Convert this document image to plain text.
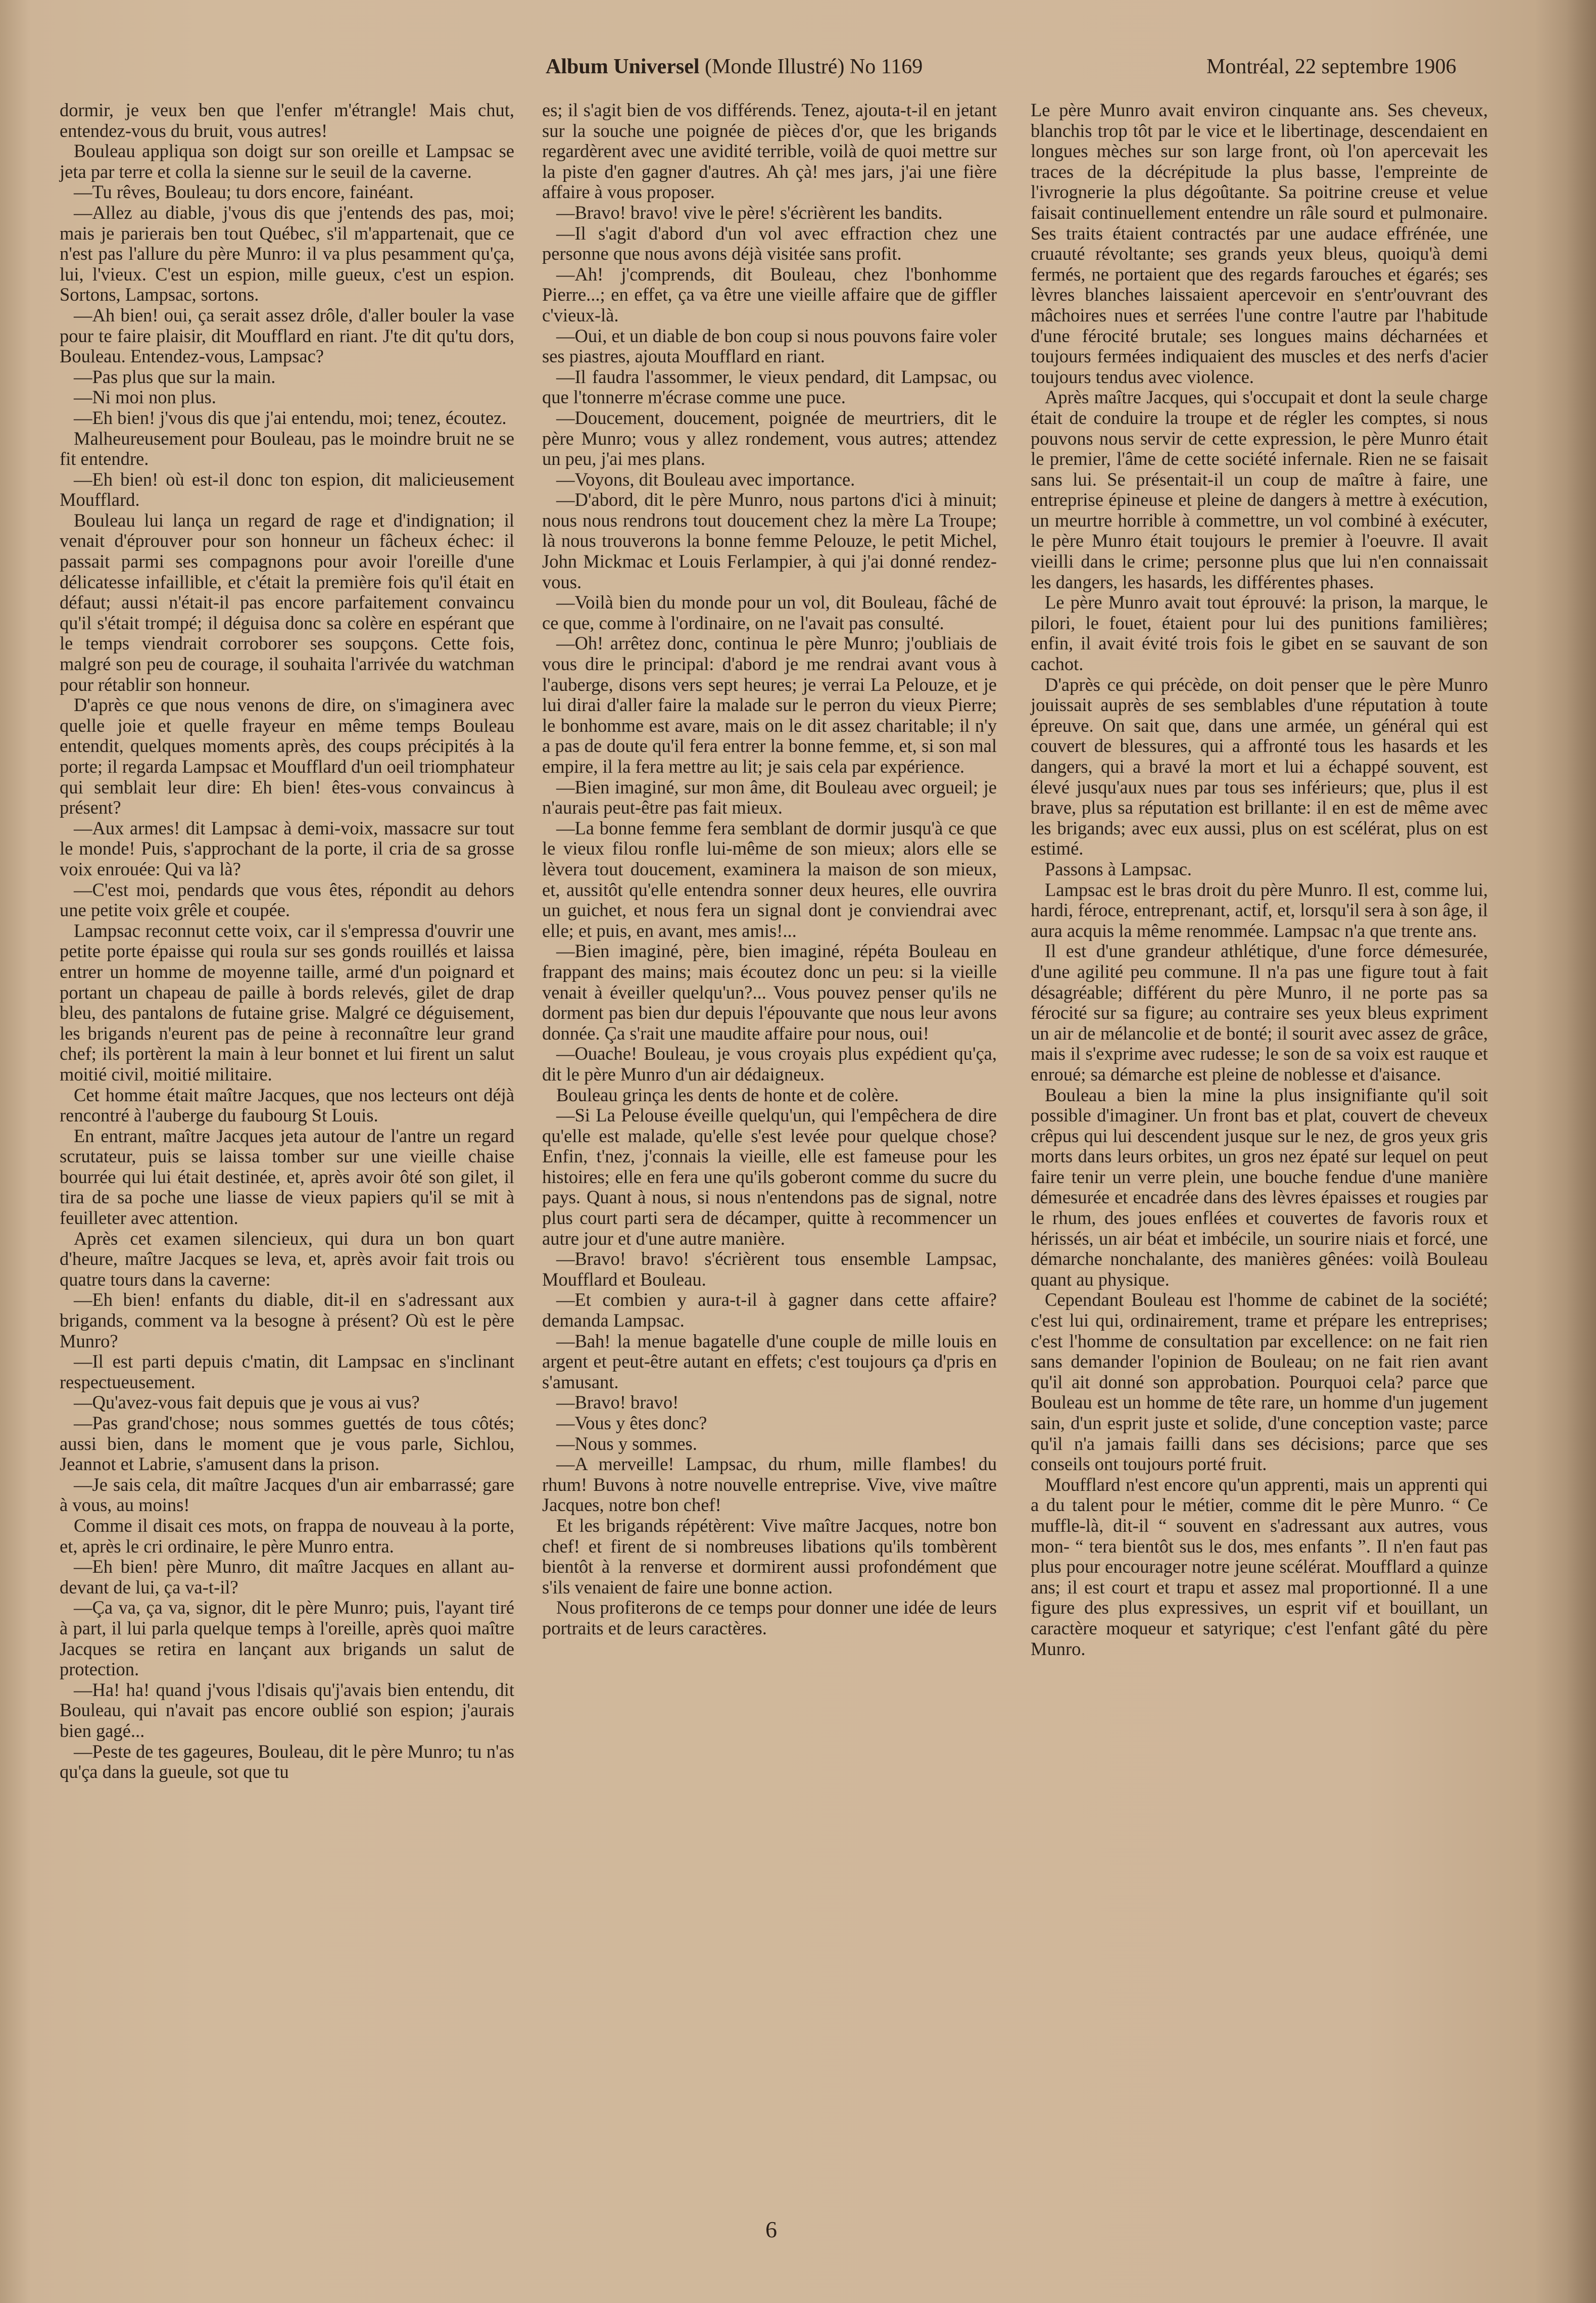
Album Universel (Monde Illustré) No 1169	Montréal, 22 septembre 1906

dormir, je veux ben que l'enfer m'étrangle! Mais chut, entendez-vous du bruit, vous autres!

Bouleau appliqua son doigt sur son oreille et Lampsac se jeta par terre et colla la sienne sur le seuil de la caverne.

—Tu rêves, Bouleau; tu dors encore, fainéant.

—Allez au diable, j'vous dis que j'entends des pas, moi; mais je parierais ben tout Québec, s'il m'appartenait, que ce n'est pas l'allure du père Munro: il va plus pesamment qu'ça, lui, l'vieux. C'est un espion, mille gueux, c'est un espion. Sortons, Lampsac, sortons.

—Ah bien! oui, ça serait assez drôle, d'aller bouler la vase pour te faire plaisir, dit Moufflard en riant. J'te dit qu'tu dors, Bouleau. Entendez-vous, Lampsac?

—Pas plus que sur la main.

—Ni moi non plus.

—Eh bien! j'vous dis que j'ai entendu, moi; tenez, écoutez.

Malheureusement pour Bouleau, pas le moindre bruit ne se fit entendre.

—Eh bien! où est-il donc ton espion, dit malicieusement Moufflard.

Bouleau lui lança un regard de rage et d'indignation; il venait d'éprouver pour son honneur un fâcheux échec: il passait parmi ses compagnons pour avoir l'oreille d'une délicatesse infaillible, et c'était la première fois qu'il était en défaut; aussi n'était-il pas encore parfaitement convaincu qu'il s'était trompé; il déguisa donc sa colère en espérant que le temps viendrait corroborer ses soupçons. Cette fois, malgré son peu de courage, il souhaita l'arrivée du watchman pour rétablir son honneur.

D'après ce que nous venons de dire, on s'imaginera avec quelle joie et quelle frayeur en même temps Bouleau entendit, quelques moments après, des coups précipités à la porte; il regarda Lampsac et Moufflard d'un oeil triomphateur qui semblait leur dire: Eh bien! êtes-vous convaincus à présent?

—Aux armes! dit Lampsac à demi-voix, massacre sur tout le monde! Puis, s'approchant de la porte, il cria de sa grosse voix enrouée: Qui va là?

—C'est moi, pendards que vous êtes, répondit au dehors une petite voix grêle et coupée.

Lampsac reconnut cette voix, car il s'empressa d'ouvrir une petite porte épaisse qui roula sur ses gonds rouillés et laissa entrer un homme de moyenne taille, armé d'un poignard et portant un chapeau de paille à bords relevés, gilet de drap bleu, des pantalons de futaine grise. Malgré ce déguisement, les brigands n'eurent pas de peine à reconnaître leur grand chef; ils portèrent la main à leur bonnet et lui firent un salut moitié civil, moitié militaire.

Cet homme était maître Jacques, que nos lecteurs ont déjà rencontré à l'auberge du faubourg St Louis.

En entrant, maître Jacques jeta autour de l'antre un regard scrutateur, puis se laissa tomber sur une vieille chaise bourrée qui lui était destinée, et, après avoir ôté son gilet, il tira de sa poche une liasse de vieux papiers qu'il se mit à feuilleter avec attention.

Après cet examen silencieux, qui dura un bon quart d'heure, maître Jacques se leva, et, après avoir fait trois ou quatre tours dans la caverne:

—Eh bien! enfants du diable, dit-il en s'adressant aux brigands, comment va la besogne à présent? Où est le père Munro?

—Il est parti depuis c'matin, dit Lampsac en s'inclinant respectueusement.

—Qu'avez-vous fait depuis que je vous ai vus?

—Pas grand'chose; nous sommes guettés de tous côtés; aussi bien, dans le moment que je vous parle, Sichlou, Jeannot et Labrie, s'amusent dans la prison.

—Je sais cela, dit maître Jacques d'un air embarrassé; gare à vous, au moins!

Comme il disait ces mots, on frappa de nouveau à la porte, et, après le cri ordinaire, le père Munro entra.

—Eh bien! père Munro, dit maître Jacques en allant au-devant de lui, ça va-t-il?

—Ça va, ça va, signor, dit le père Munro; puis, l'ayant tiré à part, il lui parla quelque temps à l'oreille, après quoi maître Jacques se retira en lançant aux brigands un salut de protection.

—Ha! ha! quand j'vous l'disais qu'j'avais bien entendu, dit Bouleau, qui n'avait pas encore oublié son espion; j'aurais bien gagé...

—Peste de tes gageures, Bouleau, dit le père Munro; tu n'as qu'ça dans la gueule, sot que tu

es; il s'agit bien de vos différends. Tenez, ajouta-t-il en jetant sur la souche une poignée de pièces d'or, que les brigands regardèrent avec une avidité terrible, voilà de quoi mettre sur la piste d'en gagner d'autres. Ah çà! mes jars, j'ai une fière affaire à vous proposer.

—Bravo! bravo! vive le père! s'écrièrent les bandits.

—Il s'agit d'abord d'un vol avec effraction chez une personne que nous avons déjà visitée sans profit.

—Ah! j'comprends, dit Bouleau, chez l'bonhomme Pierre...; en effet, ça va être une vieille affaire que de giffler c'vieux-là.

—Oui, et un diable de bon coup si nous pouvons faire voler ses piastres, ajouta Moufflard en riant.

—Il faudra l'assommer, le vieux pendard, dit Lampsac, ou que l'tonnerre m'écrase comme une puce.

—Doucement, doucement, poignée de meurtriers, dit le père Munro; vous y allez rondement, vous autres; attendez un peu, j'ai mes plans.

—Voyons, dit Bouleau avec importance.

—D'abord, dit le père Munro, nous partons d'ici à minuit; nous nous rendrons tout doucement chez la mère La Troupe; là nous trouverons la bonne femme Pelouze, le petit Michel, John Mickmac et Louis Ferlampier, à qui j'ai donné rendez-vous.

—Voilà bien du monde pour un vol, dit Bouleau, fâché de ce que, comme à l'ordinaire, on ne l'avait pas consulté.

—Oh! arrêtez donc, continua le père Munro; j'oubliais de vous dire le principal: d'abord je me rendrai avant vous à l'auberge, disons vers sept heures; je verrai La Pelouze, et je lui dirai d'aller faire la malade sur le perron du vieux Pierre; le bonhomme est avare, mais on le dit assez charitable; il n'y a pas de doute qu'il fera entrer la bonne femme, et, si son mal empire, il la fera mettre au lit; je sais cela par expérience.

—Bien imaginé, sur mon âme, dit Bouleau avec orgueil; je n'aurais peut-être pas fait mieux.

—La bonne femme fera semblant de dormir jusqu'à ce que le vieux filou ronfle lui-même de son mieux; alors elle se lèvera tout doucement, examinera la maison de son mieux, et, aussitôt qu'elle entendra sonner deux heures, elle ouvrira un guichet, et nous fera un signal dont je conviendrai avec elle; et puis, en avant, mes amis!...

—Bien imaginé, père, bien imaginé, répéta Bouleau en frappant des mains; mais écoutez donc un peu: si la vieille venait à éveiller quelqu'un?... Vous pouvez penser qu'ils ne dorment pas bien dur depuis l'épouvante que nous leur avons donnée. Ça s'rait une maudite affaire pour nous, oui!

—Ouache! Bouleau, je vous croyais plus expédient qu'ça, dit le père Munro d'un air dédaigneux.

Bouleau grinça les dents de honte et de colère.

—Si La Pelouse éveille quelqu'un, qui l'empêchera de dire qu'elle est malade, qu'elle s'est levée pour quelque chose? Enfin, t'nez, j'connais la vieille, elle est fameuse pour les histoires; elle en fera une qu'ils goberont comme du sucre du pays. Quant à nous, si nous n'entendons pas de signal, notre plus court parti sera de décamper, quitte à recommencer un autre jour et d'une autre manière.

—Bravo! bravo! s'écrièrent tous ensemble Lampsac, Moufflard et Bouleau.

—Et combien y aura-t-il à gagner dans cette affaire? demanda Lampsac.

—Bah! la menue bagatelle d'une couple de mille louis en argent et peut-être autant en effets; c'est toujours ça d'pris en s'amusant.

—Bravo! bravo!

—Vous y êtes donc?

—Nous y sommes.

—A merveille! Lampsac, du rhum, mille flambes! du rhum! Buvons à notre nouvelle entreprise. Vive, vive maître Jacques, notre bon chef!

Et les brigands répétèrent: Vive maître Jacques, notre bon chef! et firent de si nombreuses libations qu'ils tombèrent bientôt à la renverse et dormirent aussi profondément que s'ils venaient de faire une bonne action.

Nous profiterons de ce temps pour donner une idée de leurs portraits et de leurs caractères.

Le père Munro avait environ cinquante ans. Ses cheveux, blanchis trop tôt par le vice et le libertinage, descendaient en longues mèches sur son large front, où l'on apercevait les traces de la décrépitude la plus basse, l'empreinte de l'ivrognerie la plus dégoûtante. Sa poitrine creuse et velue faisait continuellement entendre un râle sourd et pulmonaire. Ses traits étaient contractés par une audace effrénée, une cruauté révoltante; ses grands yeux bleus, quoiqu'à demi fermés, ne portaient que des regards farouches et égarés; ses lèvres blanches laissaient apercevoir en s'entr'ouvrant des mâchoires nues et serrées l'une contre l'autre par l'habitude d'une férocité brutale; ses longues mains décharnées et toujours fermées indiquaient des muscles et des nerfs d'acier toujours tendus avec violence.

Après maître Jacques, qui s'occupait et dont la seule charge était de conduire la troupe et de régler les comptes, si nous pouvons nous servir de cette expression, le père Munro était le premier, l'âme de cette société infernale. Rien ne se faisait sans lui. Se présentait-il un coup de maître à faire, une entreprise épineuse et pleine de dangers à mettre à exécution, un meurtre horrible à commettre, un vol combiné à exécuter, le père Munro était toujours le premier à l'oeuvre. Il avait vieilli dans le crime; personne plus que lui n'en connaissait les dangers, les hasards, les différentes phases.

Le père Munro avait tout éprouvé: la prison, la marque, le pilori, le fouet, étaient pour lui des punitions familières; enfin, il avait évité trois fois le gibet en se sauvant de son cachot.

D'après ce qui précède, on doit penser que le père Munro jouissait auprès de ses semblables d'une réputation à toute épreuve. On sait que, dans une armée, un général qui est couvert de blessures, qui a affronté tous les hasards et les dangers, qui a bravé la mort et lui a échappé souvent, est élevé jusqu'aux nues par tous ses inférieurs; que, plus il est brave, plus sa réputation est brillante: il en est de même avec les brigands; avec eux aussi, plus on est scélérat, plus on est estimé.

Passons à Lampsac.

Lampsac est le bras droit du père Munro. Il est, comme lui, hardi, féroce, entreprenant, actif, et, lorsqu'il sera à son âge, il aura acquis la même renommée. Lampsac n'a que trente ans.

Il est d'une grandeur athlétique, d'une force démesurée, d'une agilité peu commune. Il n'a pas une figure tout à fait désagréable; différent du père Munro, il ne porte pas sa férocité sur sa figure; au contraire ses yeux bleus expriment un air de mélancolie et de bonté; il sourit avec assez de grâce, mais il s'exprime avec rudesse; le son de sa voix est rauque et enroué; sa démarche est pleine de noblesse et d'aisance.

Bouleau a bien la mine la plus insignifiante qu'il soit possible d'imaginer. Un front bas et plat, couvert de cheveux crêpus qui lui descendent jusque sur le nez, de gros yeux gris morts dans leurs orbites, un gros nez épaté sur lequel on peut faire tenir un verre plein, une bouche fendue d'une manière démesurée et encadrée dans des lèvres épaisses et rougies par le rhum, des joues enflées et couvertes de favoris roux et hérissés, un air béat et imbécile, un sourire niais et forcé, une démarche nonchalante, des manières gênées: voilà Bouleau quant au physique.

Cependant Bouleau est l'homme de cabinet de la société; c'est lui qui, ordinairement, trame et prépare les entreprises; c'est l'homme de consultation par excellence: on ne fait rien sans demander l'opinion de Bouleau; on ne fait rien avant qu'il ait donné son approbation. Pourquoi cela? parce que Bouleau est un homme de tête rare, un homme d'un jugement sain, d'un esprit juste et solide, d'une conception vaste; parce qu'il n'a jamais failli dans ses décisions; parce que ses conseils ont toujours porté fruit.

Moufflard n'est encore qu'un apprenti, mais un apprenti qui a du talent pour le métier, comme dit le père Munro. “ Ce muffle-là, dit-il “ souvent en s'adressant aux autres, vous mon- “ tera bientôt sus le dos, mes enfants ”. Il n'en faut pas plus pour encourager notre jeune scélérat. Moufflard a quinze ans; il est court et trapu et assez mal proportionné. Il a une figure des plus expressives, un esprit vif et bouillant, un caractère moqueur et satyrique; c'est l'enfant gâté du père Munro.

6
